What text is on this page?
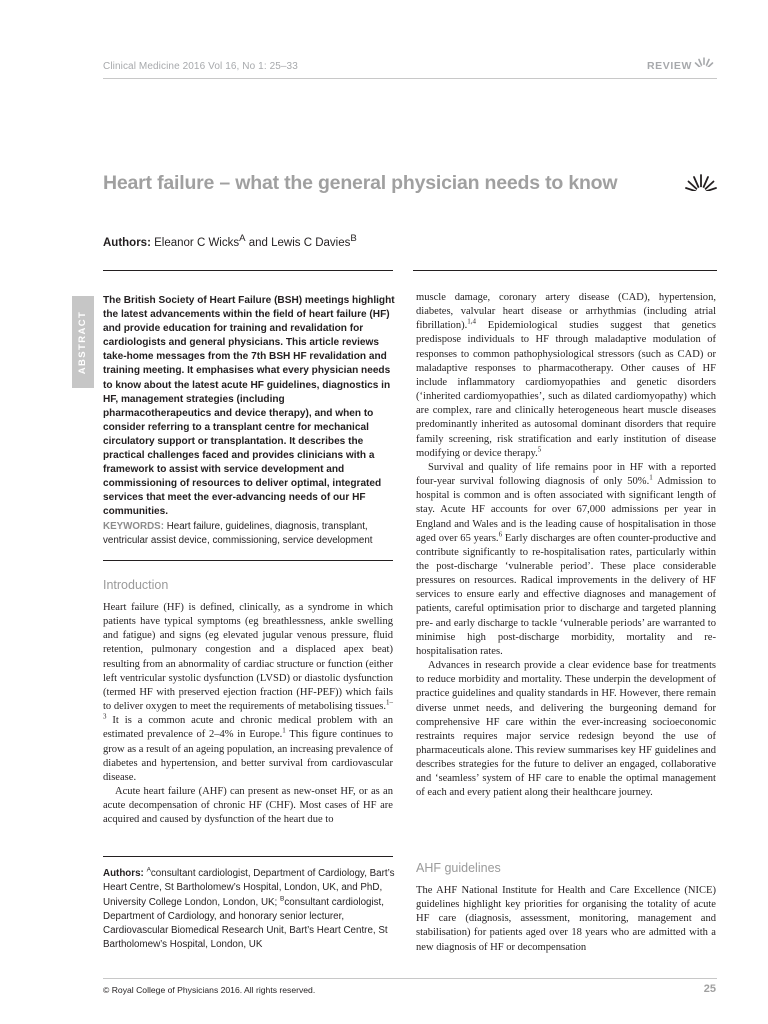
Clinical Medicine 2016 Vol 16, No 1: 25–33	REVIEW
Heart failure – what the general physician needs to know
Authors: Eleanor C Wicks$^A$ and Lewis C Davies$^B$
ABSTRACT
The British Society of Heart Failure (BSH) meetings highlight the latest advancements within the field of heart failure (HF) and provide education for training and revalidation for cardiologists and general physicians. This article reviews take-home messages from the 7th BSH HF revalidation and training meeting. It emphasises what every physician needs to know about the latest acute HF guidelines, diagnostics in HF, management strategies (including pharmacotherapeutics and device therapy), and when to consider referring to a transplant centre for mechanical circulatory support or transplantation. It describes the practical challenges faced and provides clinicians with a framework to assist with service development and commissioning of resources to deliver optimal, integrated services that meet the ever-advancing needs of our HF communities.
KEYWORDS: Heart failure, guidelines, diagnosis, transplant, ventricular assist device, commissioning, service development
Introduction

Heart failure (HF) is defined, clinically, as a syndrome in which patients have typical symptoms (eg breathlessness, ankle swelling and fatigue) and signs (eg elevated jugular venous pressure, fluid retention, pulmonary congestion and a displaced apex beat) resulting from an abnormality of cardiac structure or function (either left ventricular systolic dysfunction (LVSD) or diastolic dysfunction (termed HF with preserved ejection fraction (HF-PEF)) which fails to deliver oxygen to meet the requirements of metabolising tissues.$^{1-3}$ It is a common acute and chronic medical problem with an estimated prevalence of 2–4% in Europe.$^1$ This figure continues to grow as a result of an ageing population, an increasing prevalence of diabetes and hypertension, and better survival from cardiovascular disease.

Acute heart failure (AHF) can present as new-onset HF, or as an acute decompensation of chronic HF (CHF). Most cases of HF are acquired and caused by dysfunction of the heart due to

Authors: $^A$consultant cardiologist, Department of Cardiology, Bart’s Heart Centre, St Bartholomew’s Hospital, London, UK, and PhD, University College London, London, UK; $^B$consultant cardiologist, Department of Cardiology, and honorary senior lecturer, Cardiovascular Biomedical Research Unit, Bart’s Heart Centre, St Bartholomew’s Hospital, London, UK

muscle damage, coronary artery disease (CAD), hypertension, diabetes, valvular heart disease or arrhythmias (including atrial fibrillation).$^{1,4}$ Epidemiological studies suggest that genetics predispose individuals to HF through maladaptive modulation of responses to common pathophysiological stressors (such as CAD) or maladaptive responses to pharmacotherapy. Other causes of HF include inflammatory cardiomyopathies and genetic disorders (‘inherited cardiomyopathies’, such as dilated cardiomyopathy) which are complex, rare and clinically heterogeneous heart muscle diseases predominantly inherited as autosomal dominant disorders that require family screening, risk stratification and early institution of disease modifying or device therapy.$^5$

Survival and quality of life remains poor in HF with a reported four-year survival following diagnosis of only 50%.$^1$ Admission to hospital is common and is often associated with significant length of stay. Acute HF accounts for over 67,000 admissions per year in England and Wales and is the leading cause of hospitalisation in those aged over 65 years.$^6$ Early discharges are often counter-productive and contribute significantly to re-hospitalisation rates, particularly within the post-discharge ‘vulnerable period’. These place considerable pressures on resources. Radical improvements in the delivery of HF services to ensure early and effective diagnoses and management of patients, careful optimisation prior to discharge and targeted planning pre- and early discharge to tackle ‘vulnerable periods’ are warranted to minimise high post-discharge morbidity, mortality and re-hospitalisation rates.

Advances in research provide a clear evidence base for treatments to reduce morbidity and mortality. These underpin the development of practice guidelines and quality standards in HF. However, there remain diverse unmet needs, and delivering the burgeoning demand for comprehensive HF care within the ever-increasing socioeconomic restraints requires major service redesign beyond the use of pharmaceuticals alone. This review summarises key HF guidelines and describes strategies for the future to deliver an engaged, collaborative and ‘seamless’ system of HF care to enable the optimal management of each and every patient along their healthcare journey.

AHF guidelines

The AHF National Institute for Health and Care Excellence (NICE) guidelines highlight key priorities for organising the totality of acute HF care (diagnosis, assessment, monitoring, management and stabilisation) for patients aged over 18 years who are admitted with a new diagnosis of HF or decompensation

© Royal College of Physicians 2016. All rights reserved.	25
